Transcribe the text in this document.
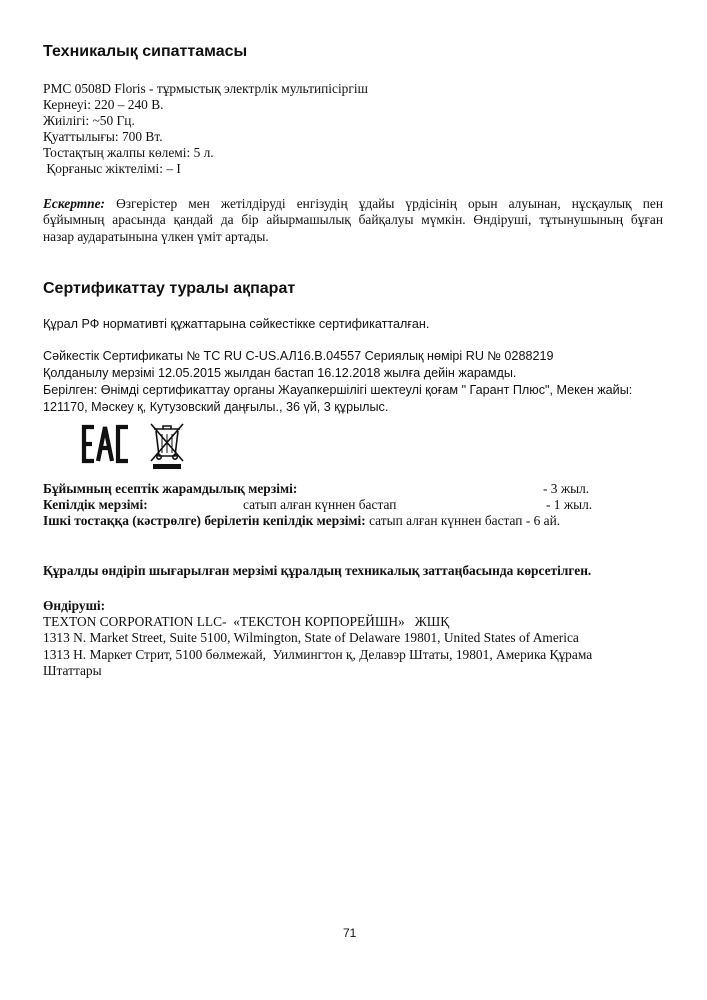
Техникалық сипаттамасы
PMC 0508D Floris - тұрмыстық электрлік мультипісіргіш
Кернеуі: 220 – 240 В.
Жиілігі: ~50 Гц.
Қуаттылығы: 700 Вт.
Тостақтың жалпы көлемі: 5 л.
Қорғаныс жіктелімі: – I
Ескертпе: Өзгерістер мен жетілдіруді енгізудің ұдайы үрдісінің орын алуынан, нұсқаулық пен
бұйымның арасында қандай да бір айырмашылық байқалуы мүмкін. Өндіруші, тұтынушының бұған
назар аударатынына үлкен үміт артады.
Сертификаттау туралы ақпарат
Құрал РФ нормативті құжаттарына сәйкестікке сертификатталған.
Сәйкестік Сертификаты № ТС RU C-US.АЛ16.В.04557 Сериялық нөмірі RU № 0288219
Қолданылу мерзімі 12.05.2015 жылдан бастап 16.12.2018 жылға дейін жарамды.
Берілген: Өнімді сертификаттау органы Жауапкершілігі шектеулі қоғам " Гарант Плюс", Мекен жайы:
121170, Мәскеу қ, Кутузовский даңғылы., 36 үй, 3 құрылыс.
Бұйымның есептік жарамдылық мерзімі:	- 3 жыл.
Кепілдік мерзімі:	сатып алған күннен бастап	- 1 жыл.
Ішкі тостаққа (кәстрөлге) берілетін кепілдік мерзімі: сатып алған күннен бастап - 6 ай.
Құралды өндіріп шығарылған мерзімі құралдың техникалық заттаңбасында көрсетілген.
Өндіруші:
TEXTON CORPORATION LLC-  «ТЕКСТОН КОРПОРЕЙШН»   ЖШҚ
1313 N. Market Street, Suite 5100, Wilmington, State of Delaware 19801, United States of America
1313 Н. Маркет Стрит, 5100 бөлмежай,  Уилмингтон қ, Делавэр Штаты, 19801, Америка Құрама
Штаттары
71
